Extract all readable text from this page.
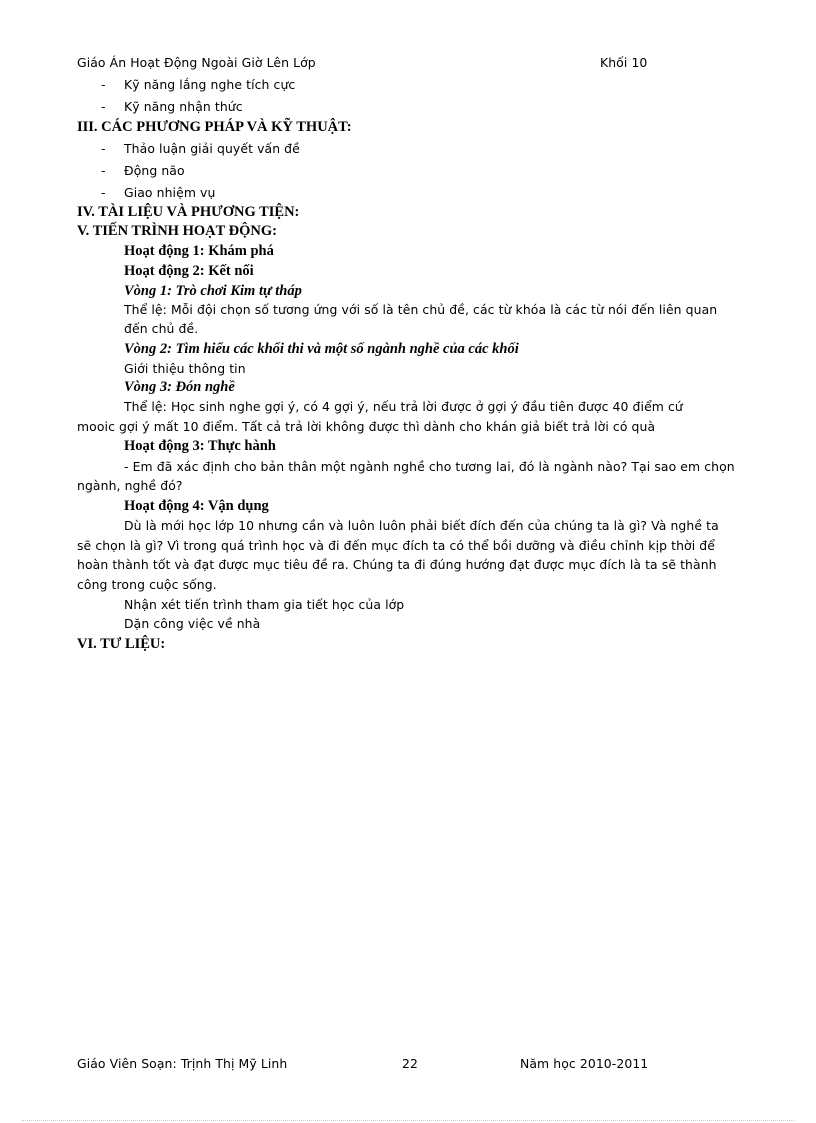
Giáo Án Hoạt Động Ngoài Giờ Lên Lớp	Khối 10
- Kỹ năng lắng nghe tích cực
- Kỹ năng nhận thức
III. CÁC PHƯƠNG PHÁP VÀ KỸ THUẬT:
- Thảo luận giải quyết vấn đề
- Động não
- Giao nhiệm vụ
IV. TÀI LIỆU VÀ PHƯƠNG TIỆN:
V. TIẾN TRÌNH HOẠT ĐỘNG:
Hoạt động 1: Khám phá
Hoạt động 2: Kết nối
Vòng 1: Trò chơi Kim tự tháp
Thể lệ: Mỗi đội chọn số tương ứng với số là tên chủ đề, các từ khóa là các từ nói đến liên quan
đến chủ đề.
Vòng 2: Tìm hiểu các khối thi và một số ngành nghề của các khối
Giới thiệu thông tin
Vòng 3: Đón nghề
Thể lệ: Học sinh nghe gợi ý, có 4 gợi ý, nếu trả lời được ở gợi ý đầu tiên được 40 điểm cứ
mooic gợi ý mất 10 điểm. Tất cả trả lời không được thì dành cho khán giả biết trả lời có quà
Hoạt động 3: Thực hành
- Em đã xác định cho bản thân một ngành nghề cho tương lai, đó là ngành nào? Tại sao em chọn
ngành, nghề đó?
Hoạt động 4: Vận dụng
Dù là mới học lớp 10 nhưng cần và luôn luôn phải biết đích đến của chúng ta là gì? Và nghề ta
sẽ chọn là gì? Vì trong quá trình học và đi đến mục đích ta có thể bồi dưỡng và điều chỉnh kịp thời để
hoàn thành tốt và đạt được mục tiêu đề ra. Chúng ta đi đúng hướng đạt được mục đích là ta sẽ thành
công trong cuộc sống.
Nhận xét tiến trình tham gia tiết học của lớp
Dặn công việc về nhà
VI. TƯ LIỆU:
Giáo Viên Soạn: Trịnh Thị Mỹ Linh	22	Năm học 2010-2011
